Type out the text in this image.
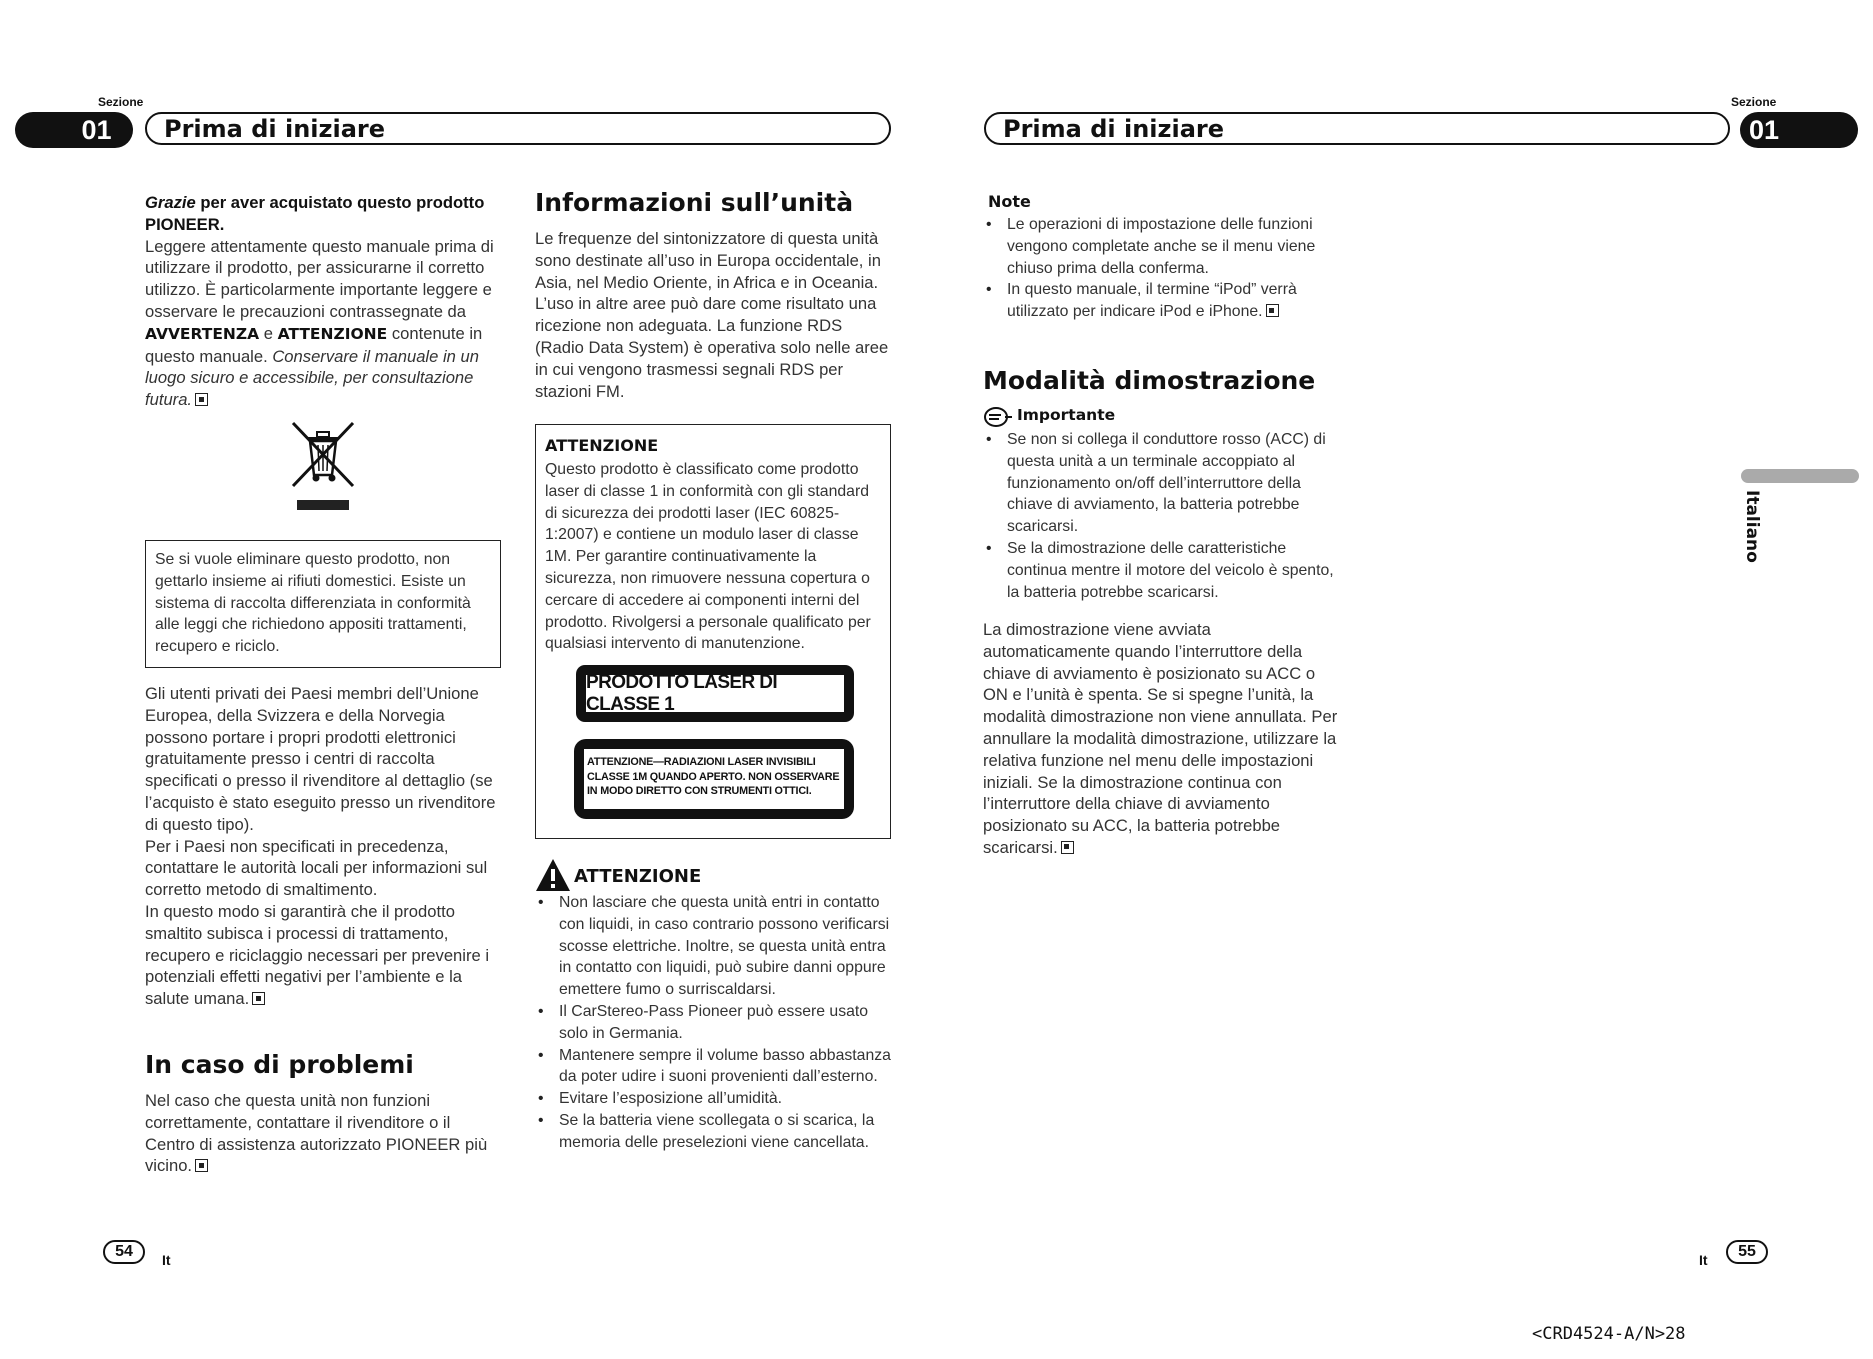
Sezione
01 Prima di iniziare
Sezione
01
Prima di iniziare

Grazie per aver acquistato questo prodotto
PIONEER.

Leggere attentamente questo manuale prima di utilizzare il prodotto, per assicurarne il corretto utilizzo. È particolarmente importante leggere e osservare le precauzioni contrassegnate da AVVERTENZA e ATTENZIONE contenute in questo manuale. Conservare il manuale in un luogo sicuro e accessibile, per consultazione futura.

Se si vuole eliminare questo prodotto, non gettarlo insieme ai rifiuti domestici. Esiste un sistema di raccolta differenziata in conformità alle leggi che richiedono appositi trattamenti, recupero e riciclo.

Gli utenti privati dei Paesi membri dell’Unione Europea, della Svizzera e della Norvegia possono portare i propri prodotti elettronici gratuitamente presso i centri di raccolta specificati o presso il rivenditore al dettaglio (se l’acquisto è stato eseguito presso un rivenditore di questo tipo).

Per i Paesi non specificati in precedenza, contattare le autorità locali per informazioni sul corretto metodo di smaltimento.

In questo modo si garantirà che il prodotto smaltito subisca i processi di trattamento, recupero e riciclaggio necessari per prevenire i potenziali effetti negativi per l’ambiente e la salute umana.

In caso di problemi

Nel caso che questa unità non funzioni correttamente, contattare il rivenditore o il Centro di assistenza autorizzato PIONEER più vicino.

Informazioni sull’unità

Le frequenze del sintonizzatore di questa unità sono destinate all’uso in Europa occidentale, in Asia, nel Medio Oriente, in Africa e in Oceania. L’uso in altre aree può dare come risultato una ricezione non adeguata. La funzione RDS (Radio Data System) è operativa solo nelle aree in cui vengono trasmessi segnali RDS per stazioni FM.

ATTENZIONE
Questo prodotto è classificato come prodotto laser di classe 1 in conformità con gli standard di sicurezza dei prodotti laser (IEC 60825-1:2007) e contiene un modulo laser di classe 1M. Per garantire continuativamente la sicurezza, non rimuovere nessuna copertura o cercare di accedere ai componenti interni del prodotto. Rivolgersi a personale qualificato per qualsiasi intervento di manutenzione.
PRODOTTO LASER DI CLASSE 1
ATTENZIONE—RADIAZIONI LASER INVISIBILI
CLASSE 1M QUANDO APERTO. NON OSSERVARE
IN MODO DIRETTO CON STRUMENTI OTTICI.
ATTENZIONE
• Non lasciare che questa unità entri in contatto con liquidi, in caso contrario possono verificarsi scosse elettriche. Inoltre, se questa unità entra in contatto con liquidi, può subire danni oppure emettere fumo o surriscaldarsi.
• Il CarStereo-Pass Pioneer può essere usato solo in Germania.
• Mantenere sempre il volume basso abbastanza da poter udire i suoni provenienti dall’esterno.
• Evitare l’esposizione all’umidità.
• Se la batteria viene scollegata o si scarica, la memoria delle preselezioni viene cancellata.
Note
• Le operazioni di impostazione delle funzioni vengono completate anche se il menu viene chiuso prima della conferma.
• In questo manuale, il termine “iPod” verrà utilizzato per indicare iPod e iPhone.
Modalità dimostrazione
Importante
• Se non si collega il conduttore rosso (ACC) di questa unità a un terminale accoppiato al funzionamento on/off dell’interruttore della chiave di avviamento, la batteria potrebbe scaricarsi.
• Se la dimostrazione delle caratteristiche continua mentre il motore del veicolo è spento, la batteria potrebbe scaricarsi.

La dimostrazione viene avviata automaticamente quando l’interruttore della chiave di avviamento è posizionato su ACC o ON e l’unità è spenta. Se si spegne l’unità, la modalità dimostrazione non viene annullata. Per annullare la modalità dimostrazione, utilizzare la relativa funzione nel menu delle impostazioni iniziali. Se la dimostrazione continua con l’interruttore della chiave di avviamento posizionato su ACC, la batteria potrebbe scaricarsi.

Italiano
54	It	It	55
<CRD4524-A/N>28
